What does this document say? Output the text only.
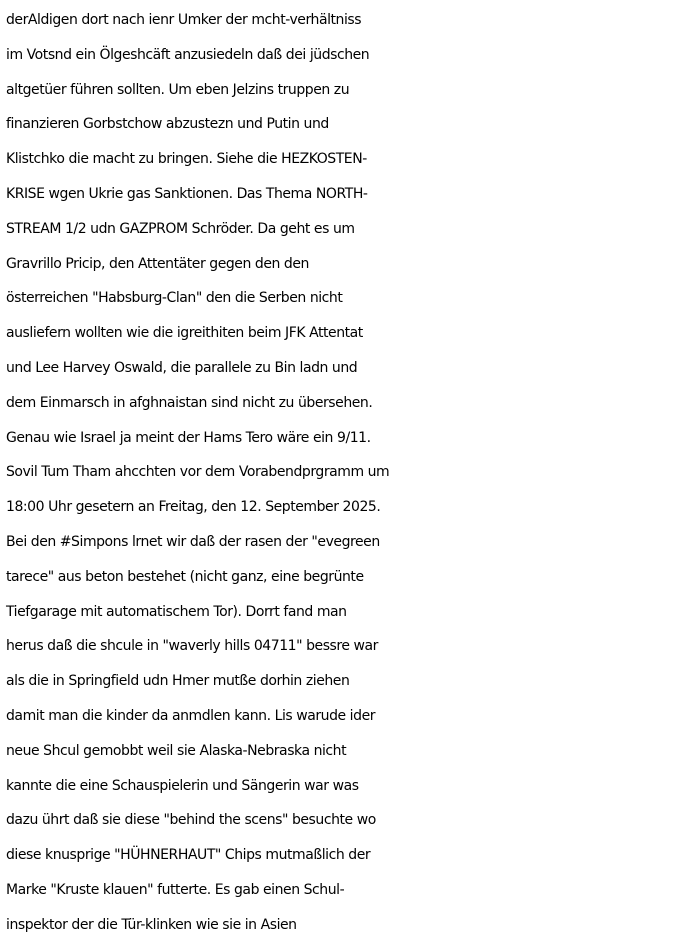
derAldigen dort nach ienr Umker der mcht-verhältniss
im Votsnd ein Ölgeshcäft anzusiedeln daß dei jüdschen
altgetüer führen sollten. Um eben Jelzins truppen zu
finanzieren Gorbstchow abzustezn und Putin und
Klistchko die macht zu bringen. Siehe die HEZKOSTEN-
KRISE wgen Ukrie gas Sanktionen. Das Thema NORTH-
STREAM 1/2 udn GAZPROM Schröder. Da geht es um
Gravrillo Pricip, den Attentäter gegen den den
österreichen "Habsburg-Clan" den die Serben nicht
ausliefern wollten wie die igreithiten beim JFK Attentat
und Lee Harvey Oswald, die parallele zu Bin ladn und
dem Einmarsch in afghnaistan sind nicht zu übersehen.
Genau wie Israel ja meint der Hams Tero wäre ein 9/11.
Sovil Tum Tham ahcchten vor dem Vorabendprgramm um
18:00 Uhr gesetern an Freitag, den 12. September 2025.
Bei den #Simpons lrnet wir daß der rasen der "evegreen
tarece" aus beton bestehet (nicht ganz, eine begrünte
Tiefgarage mit automatischem Tor). Dorrt fand man
herus daß die shcule in "waverly hills 04711" bessre war
als die in Springfield udn Hmer mutße dorhin ziehen
damit man die kinder da anmdlen kann. Lis warude ider
neue Shcul gemobbt weil sie Alaska-Nebraska nicht
kannte die eine Schauspielerin und Sängerin war was
dazu ührt daß sie diese "behind the scens" besuchte wo
diese knusprige "HÜHNERHAUT" Chips mutmaßlich der
Marke "Kruste klauen" futterte. Es gab einen Schul-
inspektor der die Tür-klinken wie sie in Asien
